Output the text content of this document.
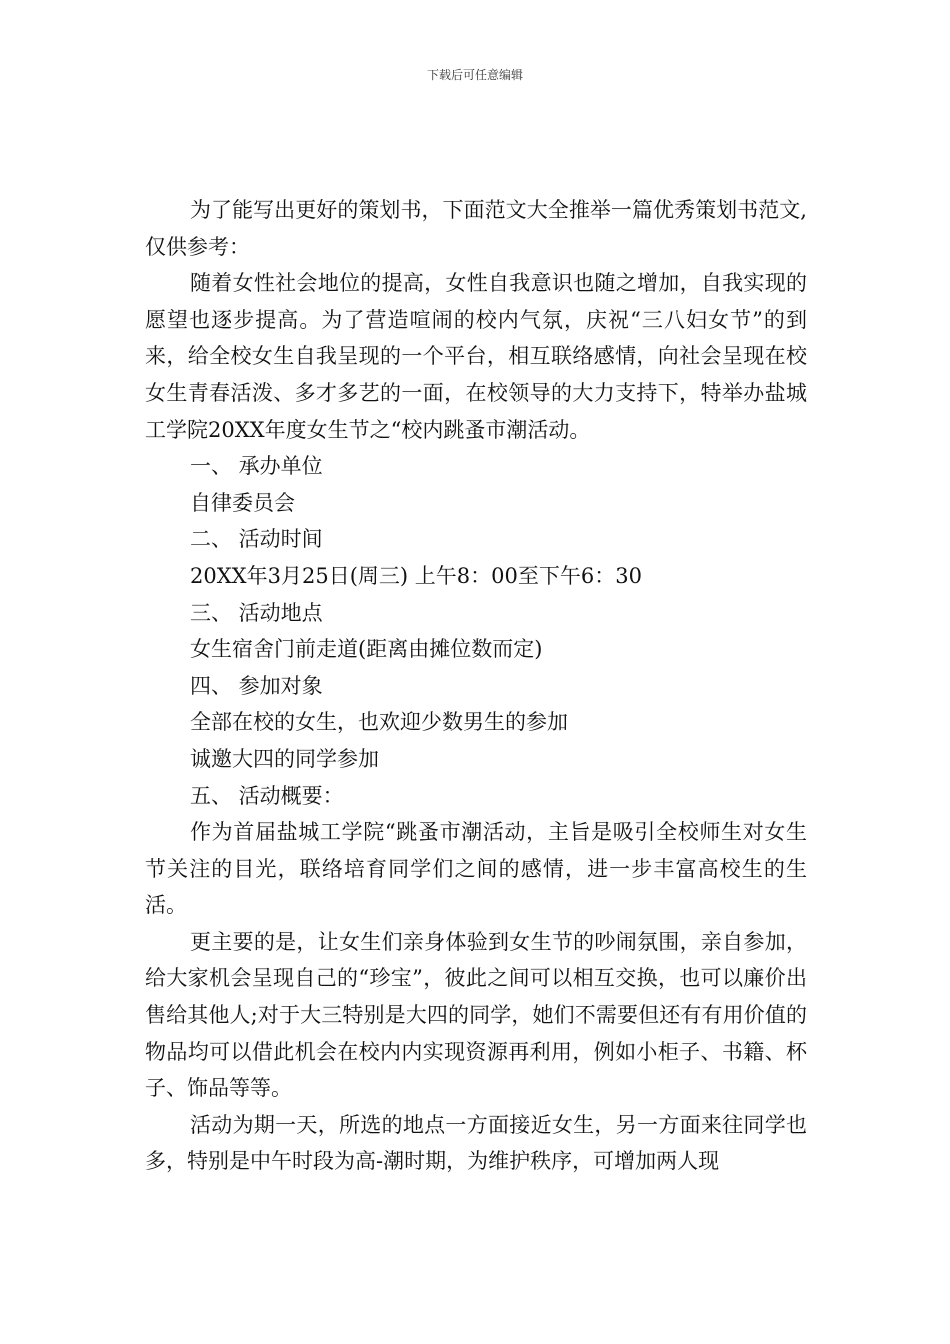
下载后可任意编辑

为了能写出更好的策划书，下面范文大全推举一篇优秀策划书范文,仅供参考：

随着女性社会地位的提高，女性自我意识也随之增加，自我实现的愿望也逐步提高。为了营造喧闹的校内气氛，庆祝“三八妇女节”的到来，给全校女生自我呈现的一个平台，相互联络感情，向社会呈现在校女生青春活泼、多才多艺的一面，在校领导的大力支持下，特举办盐城工学院20XX年度女生节之“校内跳蚤市潮活动。

一、 承办单位

自律委员会

二、 活动时间

20XX年3月25日(周三) 上午8：00至下午6：30

三、 活动地点

女生宿舍门前走道(距离由摊位数而定)

四、 参加对象

全部在校的女生，也欢迎少数男生的参加

诚邀大四的同学参加

五、 活动概要：

作为首届盐城工学院“跳蚤市潮活动，主旨是吸引全校师生对女生节关注的目光，联络培育同学们之间的感情，进一步丰富高校生的生活。

更主要的是，让女生们亲身体验到女生节的吵闹氛围，亲自参加，给大家机会呈现自己的“珍宝”，彼此之间可以相互交换，也可以廉价出售给其他人;对于大三特别是大四的同学，她们不需要但还有有用价值的物品均可以借此机会在校内内实现资源再利用，例如小柜子、书籍、杯子、饰品等等。

活动为期一天，所选的地点一方面接近女生，另一方面来往同学也多，特别是中午时段为高-潮时期，为维护秩序，可增加两人现
